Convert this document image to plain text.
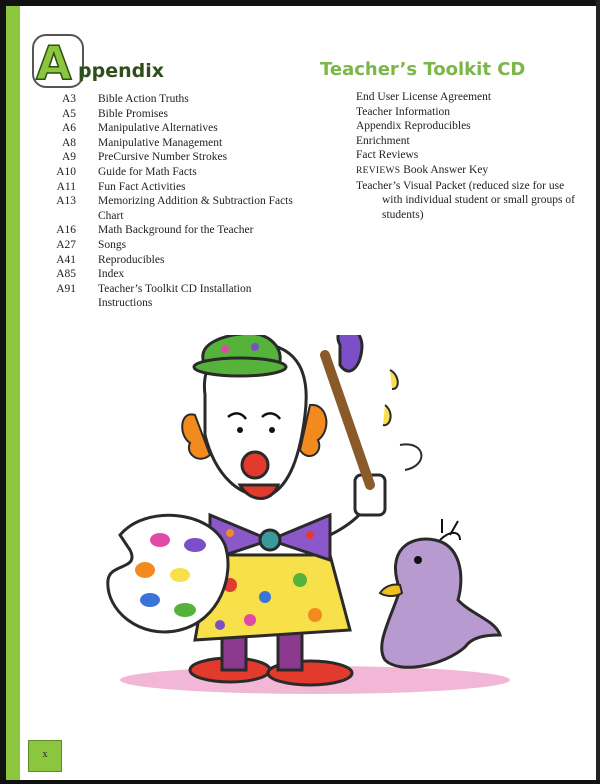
A ppendix	Teacher’s Toolkit CD
A3	Bible Action Truths
A5	Bible Promises
A6	Manipulative Alternatives
A8	Manipulative Management
A9	PreCursive Number Strokes
A10	Guide for Math Facts
A11	Fun Fact Activities
A13	Memorizing Addition & Subtraction Facts Chart
A16	Math Background for the Teacher
A27	Songs
A41	Reproducibles
A85	Index
A91	Teacher’s Toolkit CD Installation Instructions
End User License Agreement
Teacher Information
Appendix Reproducibles
Enrichment
Fact Reviews
REVIEWS Book Answer Key
Teacher’s Visual Packet (reduced size for use with individual student or small groups of students)
x
